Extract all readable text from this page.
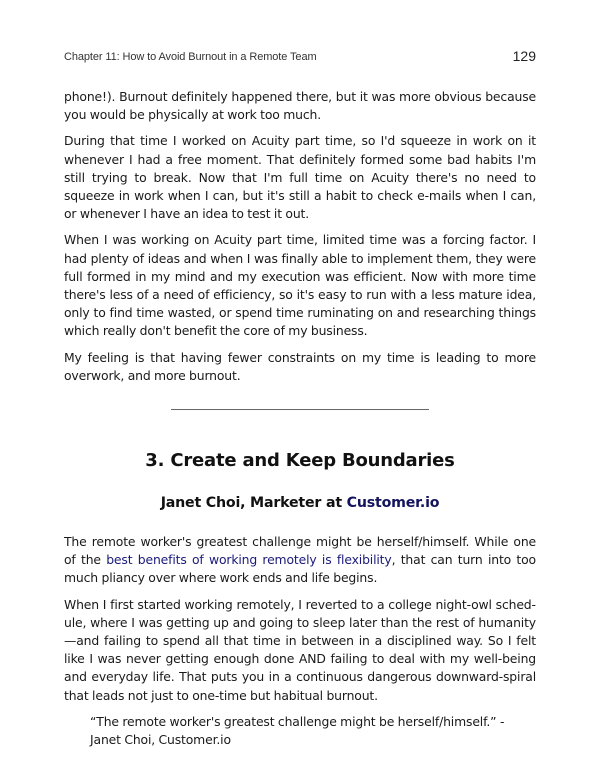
Chapter 11: How to Avoid Burnout in a Remote Team	129

phone!). Burnout definitely happened there, but it was more obvious because you would be physically at work too much.

During that time I worked on Acuity part time, so I'd squeeze in work on it whenever I had a free moment. That definitely formed some bad habits I'm still trying to break. Now that I'm full time on Acuity there's no need to squeeze in work when I can, but it's still a habit to check e-mails when I can, or whenever I have an idea to test it out.

When I was working on Acuity part time, limited time was a forcing factor. I had plenty of ideas and when I was finally able to implement them, they were full formed in my mind and my execution was efficient. Now with more time there's less of a need of efficiency, so it's easy to run with a less mature idea, only to find time wasted, or spend time ruminating on and researching things which really don't benefit the core of my business.

My feeling is that having fewer constraints on my time is leading to more overwork, and more burnout.

3. Create and Keep Boundaries
Janet Choi, Marketer at Customer.io

The remote worker's greatest challenge might be herself/himself. While one of the best benefits of working remotely is flexibility, that can turn into too much pliancy over where work ends and life begins.

When I first started working remotely, I reverted to a college night-owl schedule, where I was getting up and going to sleep later than the rest of humanity—and failing to spend all that time in between in a disciplined way. So I felt like I was never getting enough done AND failing to deal with my well-being and everyday life. That puts you in a continuous dangerous downward-spiral that leads not just to one-time but habitual burnout.

“The remote worker's greatest challenge might be herself/himself.” - Janet Choi, Customer.io
